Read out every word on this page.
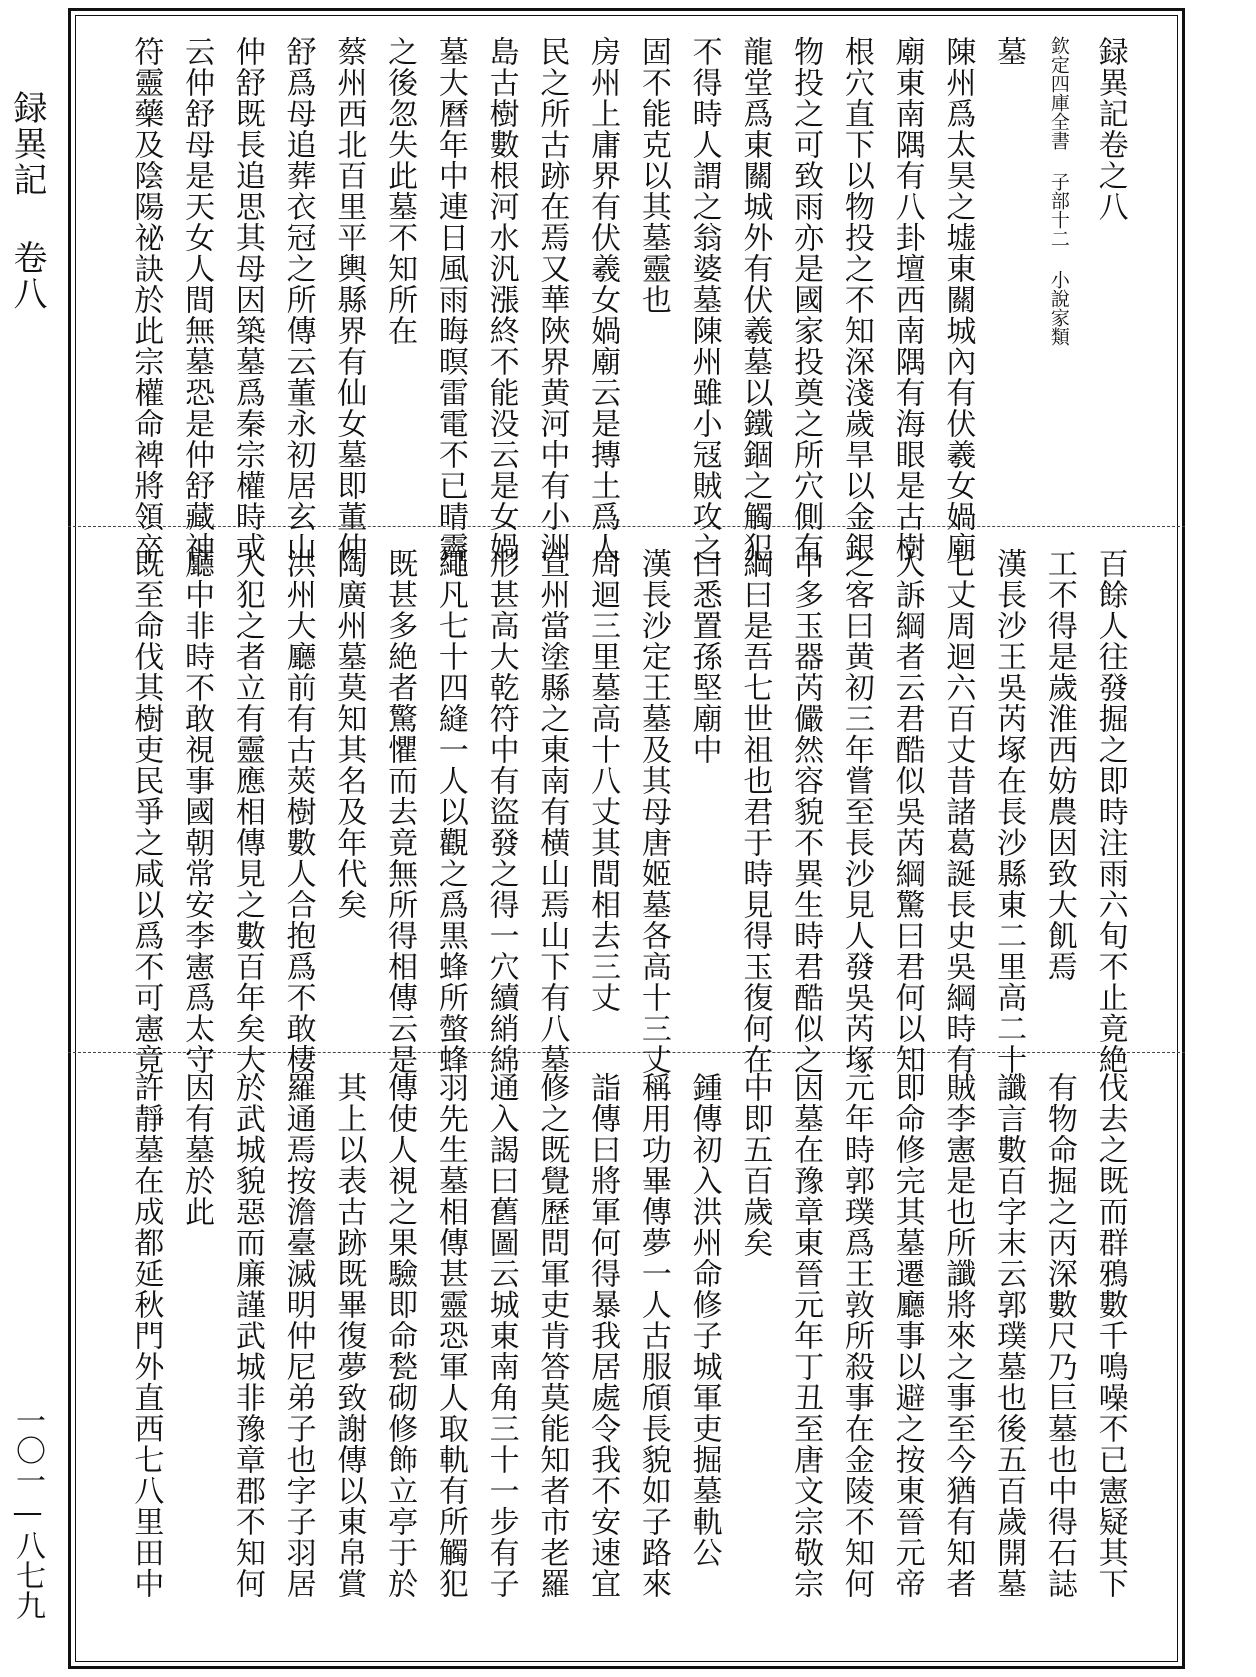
録異記 卷八
一〇一—八七九
録異記卷之八
欽定四庫全書 子部十二 小說家類
墓
陳州爲太昊之墟東關城內有伏羲女媧廟
廟東南隅有八卦壇西南隅有海眼是古樹
根穴直下以物投之不知深淺歲旱以金銀
物投之可致雨亦是國家投奠之所穴側有
龍堂爲東關城外有伏羲墓以鐵錮之觸犯
不得時人謂之翁婆墓陳州雖小冦賊攻之
固不能克以其墓靈也
房州上庸界有伏羲女媧廟云是摶土爲人
民之所古跡在焉又華陜界黄河中有小洲
島古樹數根河水汎漲終不能没云是女媧
墓大曆年中連日風雨晦暝雷電不已晴霽
之後忽失此墓不知所在
蔡州西北百里平輿縣界有仙女墓即董仲
舒爲母追葬衣冠之所傳云董永初居玄山
仲舒既長追思其母因築墓爲秦宗權時或
云仲舒母是天女人間無墓恐是仲舒藏神
符靈藥及陰陽祕訣於此宗權命裨將領卒
百餘人往發掘之即時注雨六旬不止竟絶
工不得是歲淮西妨農因致大飢焉
漢長沙王吳芮塚在長沙縣東二里高二十
七丈周迴六百丈昔諸葛誕長史吳綱時有
人訴綱者云君酷似吳芮綱驚曰君何以知
之客曰黄初三年嘗至長沙見人發吳芮塚
中多玉器芮儼然容貌不異生時君酷似之
綱曰是吾七世祖也君于時見得玉復何在
曰悉置孫堅廟中
漢長沙定王墓及其母唐姬墓各高十三丈
周迴三里墓高十八丈其間相去三丈
宣州當塗縣之東南有横山焉山下有八墓
形甚高大乾符中有盜發之得一穴續綃綿
繩凡七十四縫一人以觀之爲黒蜂所螫蜂
既甚多絶者驚懼而去竟無所得相傳云是
陶廣州墓莫知其名及年代矣
洪州大廳前有古莢樹數人合抱爲不敢棲
人犯之者立有靈應相傳見之數百年矣大
廳中非時不敢視事國朝常安李憲爲太守
既至命伐其樹吏民爭之咸以爲不可憲竟
伐去之既而群鴉數千鳴噪不已憲疑其下
有物命掘之丙深數尺乃巨墓也中得石誌
讖言數百字末云郭璞墓也後五百歲開墓
賊李憲是也所讖將來之事至今猶有知者
即命修完其墓遷廳事以避之按東晉元帝
元年時郭璞爲王敦所殺事在金陵不知何
因墓在豫章東晉元年丁丑至唐文宗敬宗
中即五百歲矣
鍾傳初入洪州命修子城軍吏掘墓軌公
稱用功畢傳夢一人古服頎長貌如子路來
詣傳曰將軍何得暴我居處令我不安速宜
修之既覺歷問軍吏肯答莫能知者市老羅
通入謁曰舊圖云城東南角三十一步有子
羽先生墓相傳甚靈恐軍人取軌有所觸犯
傳使人視之果驗即命甃砌修飾立亭于於
其上以表古跡既畢復夢致謝傳以東帛賞
羅通焉按澹臺滅明仲尼弟子也字子羽居
於武城貌惡而廉謹武城非豫章郡不知何
因有墓於此
許靜墓在成都延秋門外直西七八里田中
